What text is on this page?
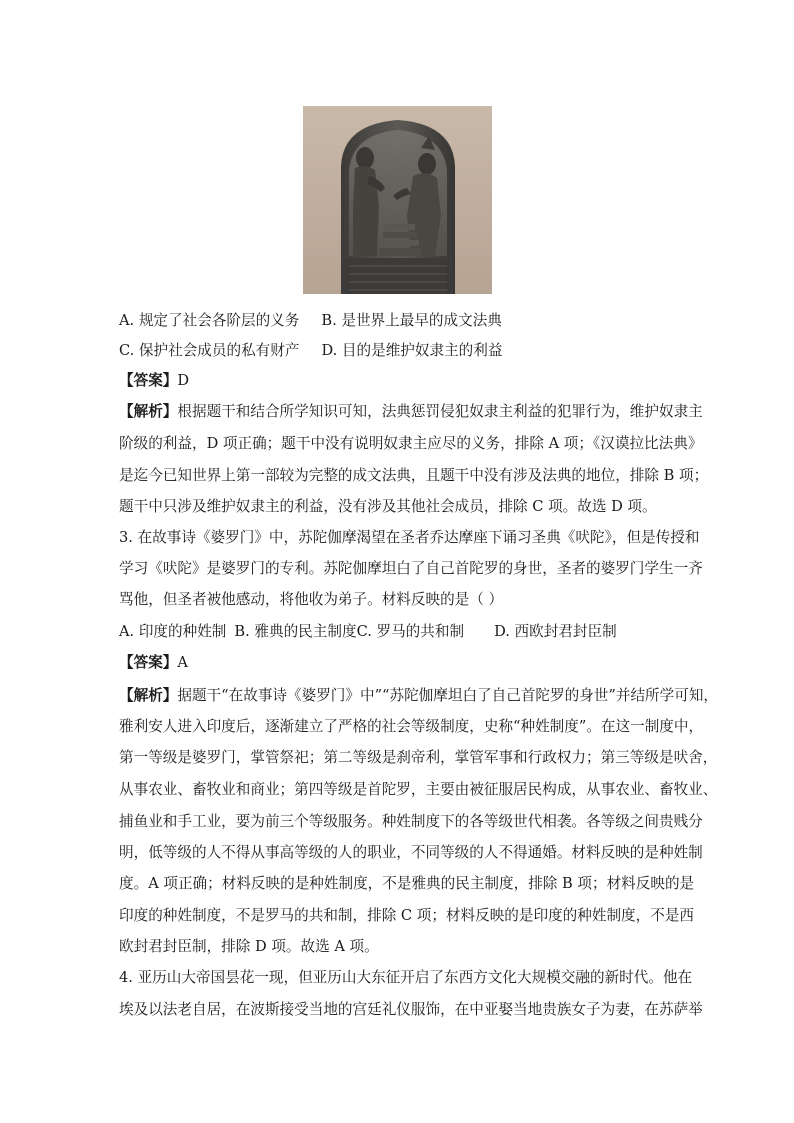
A. 规定了社会各阶层的义务 B. 是世界上最早的成文法典
C. 保护社会成员的私有财产 D. 目的是维护奴隶主的利益
【答案】D
【解析】根据题干和结合所学知识可知，法典惩罚侵犯奴隶主利益的犯罪行为，维护奴隶主
阶级的利益，D 项正确；题干中没有说明奴隶主应尽的义务，排除 A 项；《汉谟拉比法典》
是迄今已知世界上第一部较为完整的成文法典，且题干中没有涉及法典的地位，排除 B 项；
题干中只涉及维护奴隶主的利益，没有涉及其他社会成员，排除 C 项。故选 D 项。
3. 在故事诗《婆罗门》中，苏陀伽摩渴望在圣者乔达摩座下诵习圣典《吠陀》，但是传授和
学习《吠陀》是婆罗门的专利。苏陀伽摩坦白了自己首陀罗的身世，圣者的婆罗门学生一齐
骂他，但圣者被他感动，将他收为弟子。材料反映的是（ ）
A. 印度的种姓制 B. 雅典的民主制度C. 罗马的共和制 D. 西欧封君封臣制
【答案】A
【解析】据题干“在故事诗《婆罗门》中”“苏陀伽摩坦白了自己首陀罗的身世”并结所学可知，
雅利安人进入印度后，逐渐建立了严格的社会等级制度，史称“种姓制度”。在这一制度中，
第一等级是婆罗门，掌管祭祀；第二等级是刹帝利，掌管军事和行政权力；第三等级是吠舍，
从事农业、畜牧业和商业；第四等级是首陀罗，主要由被征服居民构成，从事农业、畜牧业、
捕鱼业和手工业，要为前三个等级服务。种姓制度下的各等级世代相袭。各等级之间贵贱分
明，低等级的人不得从事高等级的人的职业，不同等级的人不得通婚。材料反映的是种姓制
度。A 项正确；材料反映的是种姓制度，不是雅典的民主制度，排除 B 项；材料反映的是
印度的种姓制度，不是罗马的共和制，排除 C 项；材料反映的是印度的种姓制度，不是西
欧封君封臣制，排除 D 项。故选 A 项。
4. 亚历山大帝国昙花一现，但亚历山大东征开启了东西方文化大规模交融的新时代。他在
埃及以法老自居，在波斯接受当地的宫廷礼仪服饰，在中亚娶当地贵族女子为妻，在苏萨举
